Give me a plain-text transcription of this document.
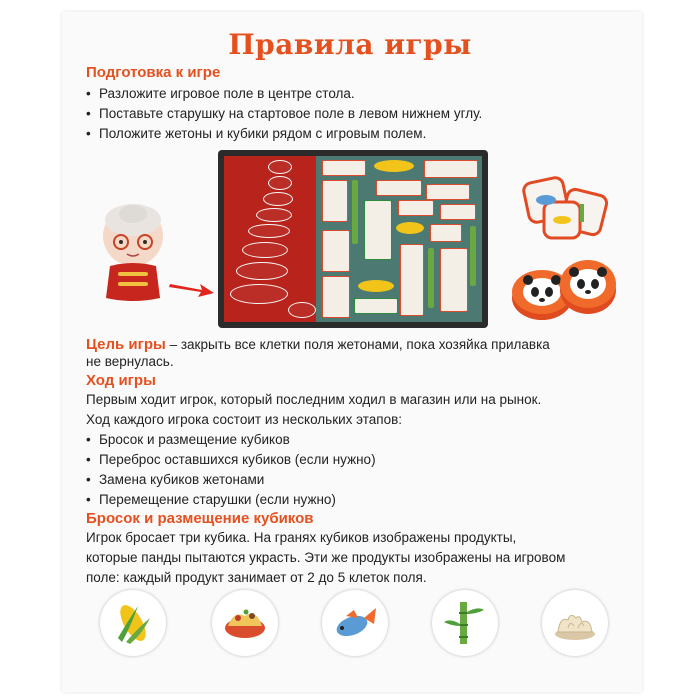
Правила игры
Подготовка к игре
• Разложите игровое поле в центре стола.
• Поставьте старушку на стартовое поле в левом нижнем углу.
• Положите жетоны и кубики рядом с игровым полем.
Цель игры – закрыть все клетки поля жетонами, пока хозяйка прилавка
не вернулась.
Ход игры
Первым ходит игрок, который последним ходил в магазин или на рынок.
Ход каждого игрока состоит из нескольких этапов:
• Бросок и размещение кубиков
• Переброс оставшихся кубиков (если нужно)
• Замена кубиков жетонами
• Перемещение старушки (если нужно)
Бросок и размещение кубиков
Игрок бросает три кубика. На гранях кубиков изображены продукты,
которые панды пытаются украсть. Эти же продукты изображены на игровом
поле: каждый продукт занимает от 2 до 5 клеток поля.
